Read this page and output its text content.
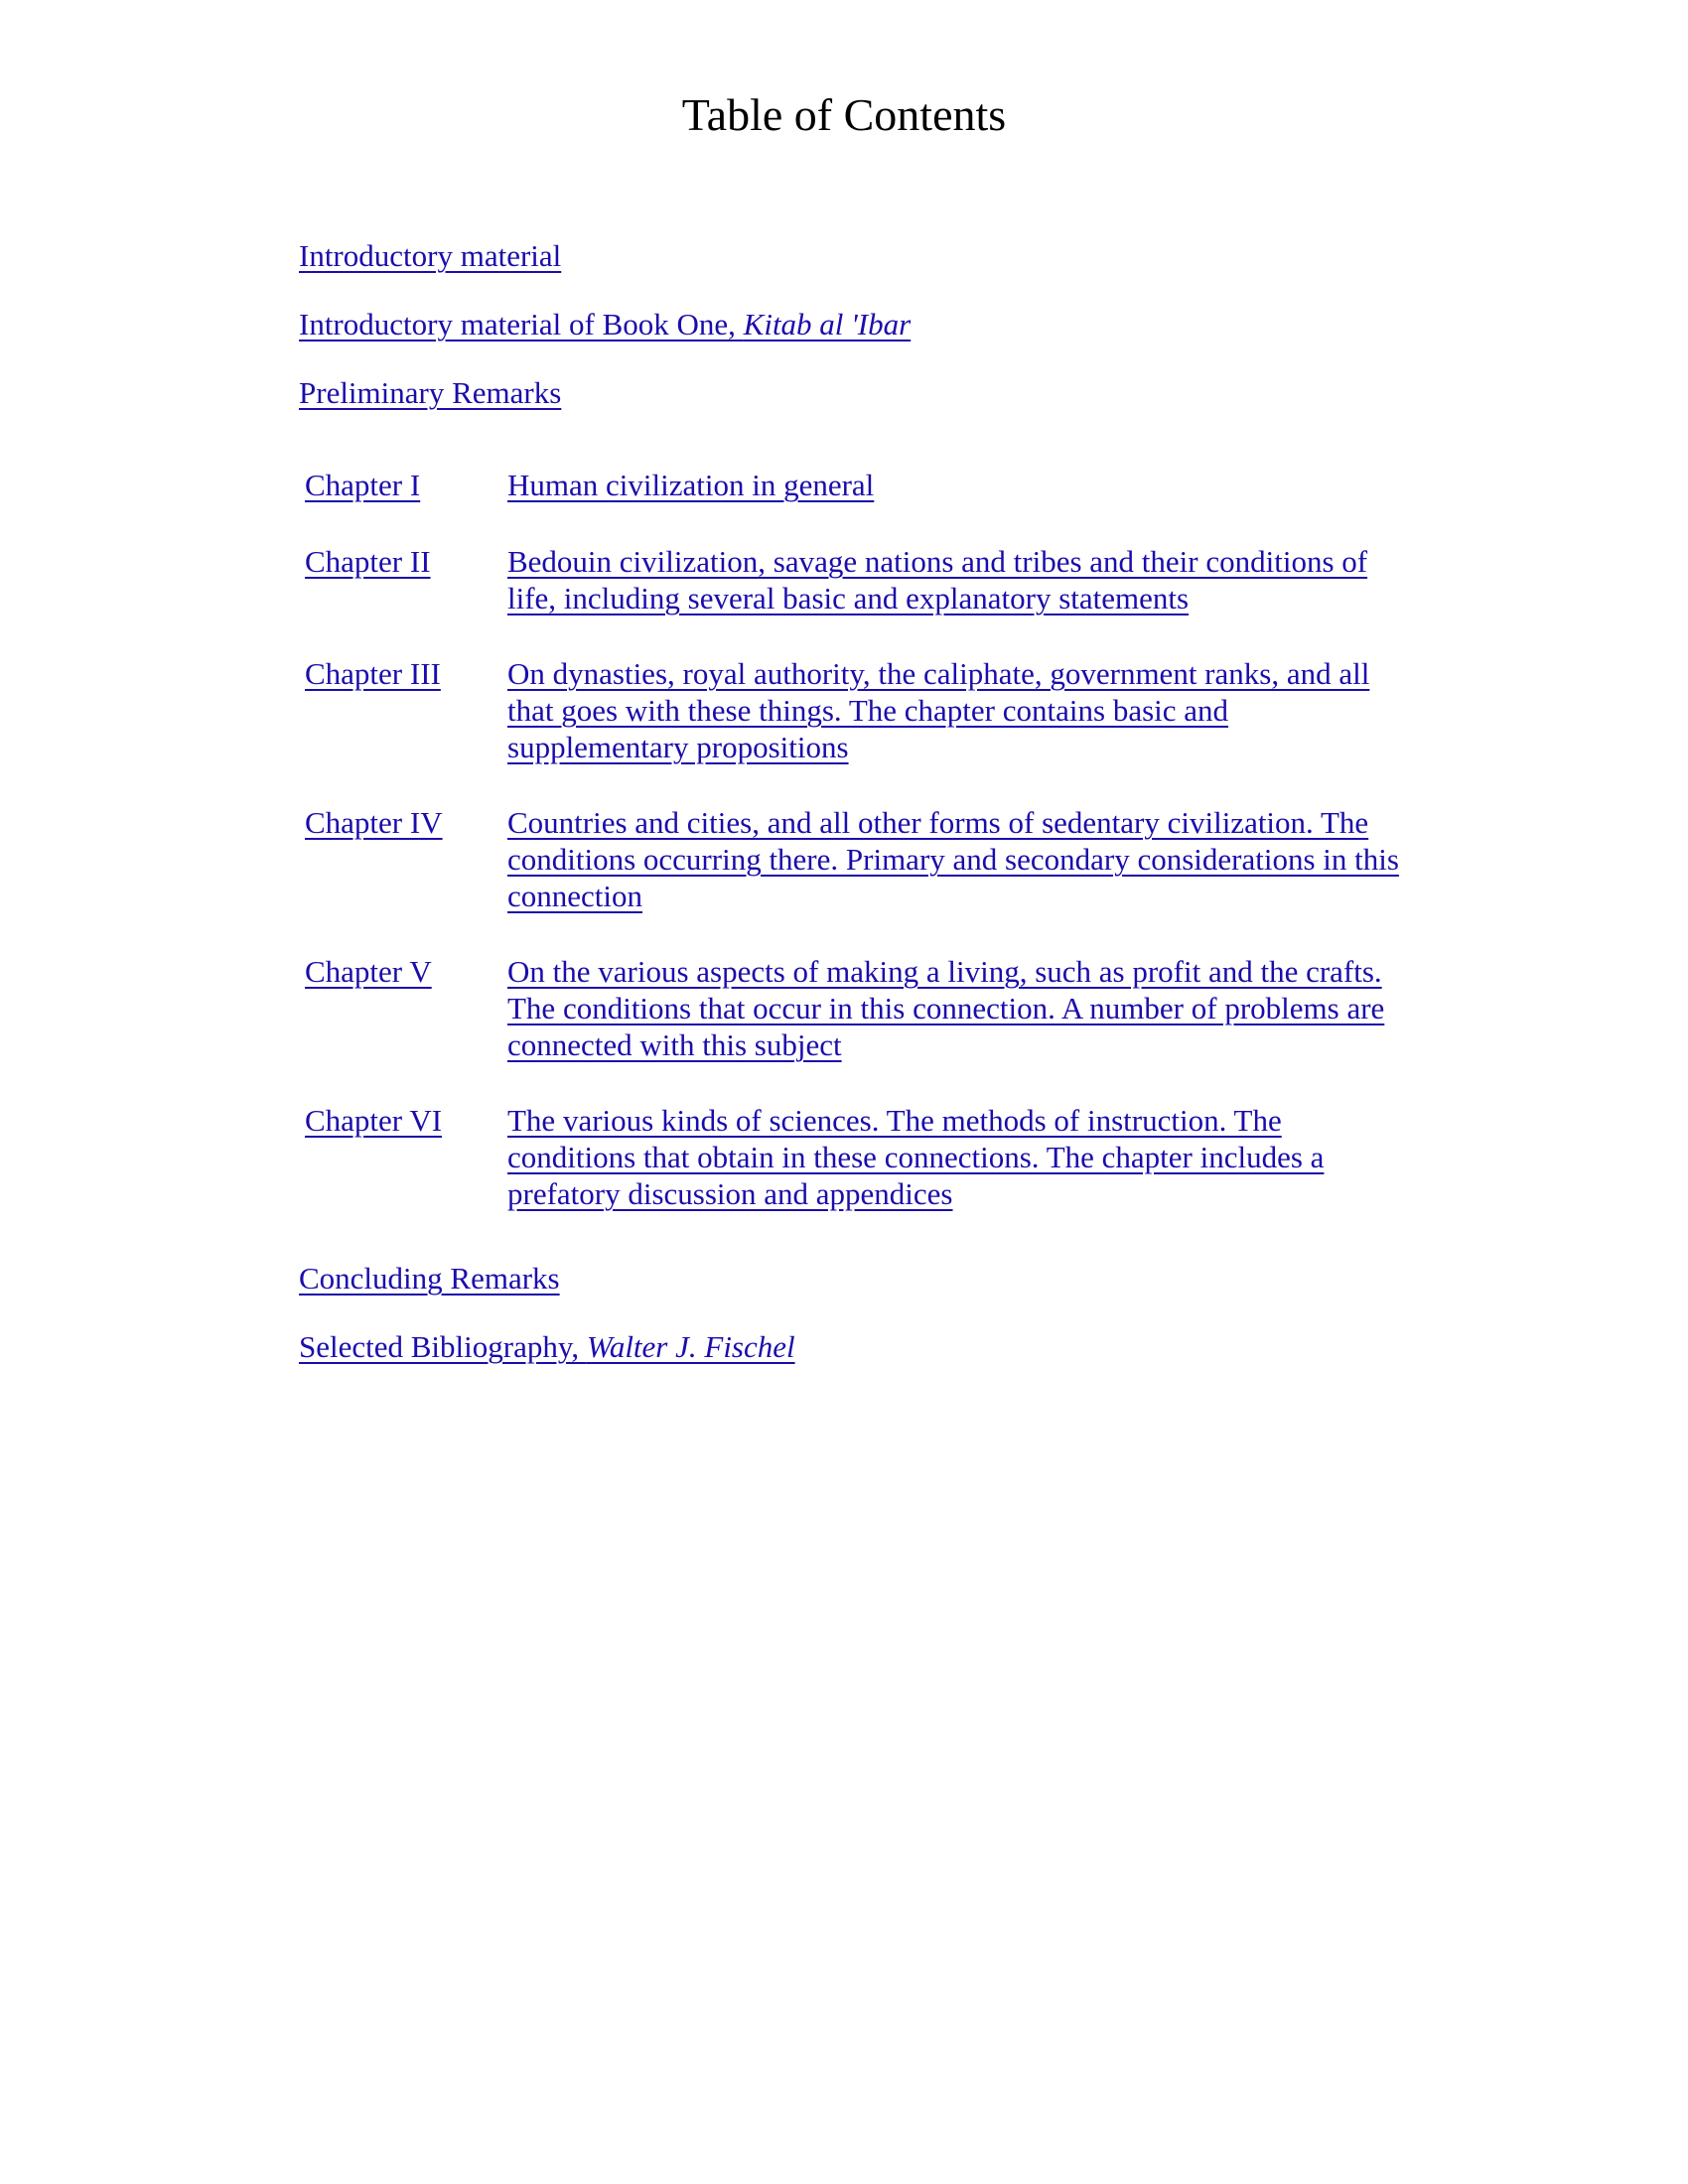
Table of Contents
Introductory material
Introductory material of Book One, Kitab al 'Ibar
Preliminary Remarks
Chapter I	Human civilization in general
Chapter II Bedouin civilization, savage nations and tribes and their conditions of life, including several basic and explanatory statements
Chapter III On dynasties, royal authority, the caliphate, government ranks, and all that goes with these things. The chapter contains basic and supplementary propositions
Chapter IV Countries and cities, and all other forms of sedentary civilization. The conditions occurring there. Primary and secondary considerations in this connection
Chapter V On the various aspects of making a living, such as profit and the crafts. The conditions that occur in this connection. A number of problems are connected with this subject
Chapter VI The various kinds of sciences. The methods of instruction. The conditions that obtain in these connections. The chapter includes a prefatory discussion and appendices
Concluding Remarks
Selected Bibliography, Walter J. Fischel
